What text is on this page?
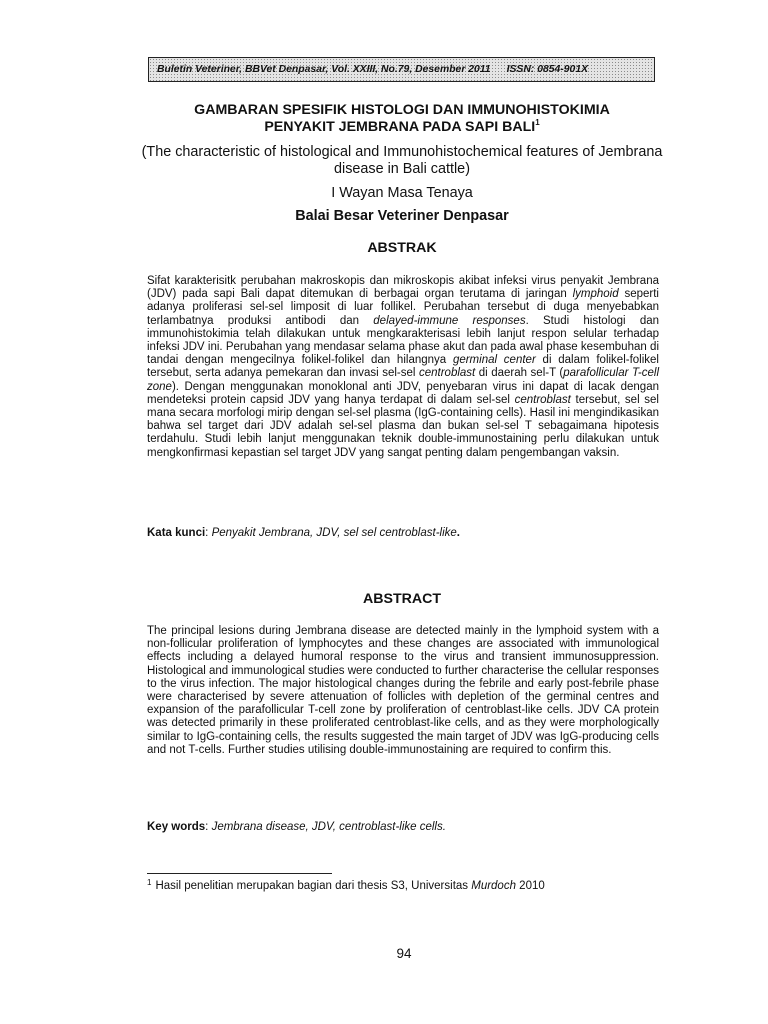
Buletin Veteriner, BBVet Denpasar, Vol. XXIII, No.79, Desember 2011 ISSN: 0854-901X
GAMBARAN SPESIFIK HISTOLOGI DAN IMMUNOHISTOKIMIA
PENYAKIT JEMBRANA PADA SAPI BALI$^1$
(The characteristic of histological and Immunohistochemical features of Jembrana disease in Bali cattle)
I Wayan Masa Tenaya
Balai Besar Veteriner Denpasar
ABSTRAK
Sifat karakterisitk perubahan makroskopis dan mikroskopis akibat infeksi virus penyakit Jembrana (JDV) pada sapi Bali dapat ditemukan di berbagai organ terutama di jaringan lymphoid seperti adanya proliferasi sel-sel limposit di luar follikel. Perubahan tersebut di duga menyebabkan terlambatnya produksi antibodi dan delayed-immune responses. Studi histologi dan immunohistokimia telah dilakukan untuk mengkarakterisasi lebih lanjut respon selular terhadap infeksi JDV ini. Perubahan yang mendasar selama phase akut dan pada awal phase kesembuhan di tandai dengan mengecilnya folikel-folikel dan hilangnya germinal center di dalam folikel-folikel tersebut, serta adanya pemekaran dan invasi sel-sel centroblast di daerah sel-T (parafollicular T-cell zone). Dengan menggunakan monoklonal anti JDV, penyebaran virus ini dapat di lacak dengan mendeteksi protein capsid JDV yang hanya terdapat di dalam sel-sel centroblast tersebut, sel sel mana secara morfologi mirip dengan sel-sel plasma (IgG-containing cells). Hasil ini mengindikasikan bahwa sel target dari JDV adalah sel-sel plasma dan bukan sel-sel T sebagaimana hipotesis terdahulu. Studi lebih lanjut menggunakan teknik double-immunostaining perlu dilakukan untuk mengkonfirmasi kepastian sel target JDV yang sangat penting dalam pengembangan vaksin.
Kata kunci: Penyakit Jembrana, JDV, sel sel centroblast-like.
ABSTRACT
The principal lesions during Jembrana disease are detected mainly in the lymphoid system with a non-follicular proliferation of lymphocytes and these changes are associated with immunological effects including a delayed humoral response to the virus and transient immunosuppression. Histological and immunological studies were conducted to further characterise the cellular responses to the virus infection. The major histological changes during the febrile and early post-febrile phase were characterised by severe attenuation of follicles with depletion of the germinal centres and expansion of the parafollicular T-cell zone by proliferation of centroblast-like cells. JDV CA protein was detected primarily in these proliferated centroblast-like cells, and as they were morphologically similar to IgG-containing cells, the results suggested the main target of JDV was IgG-producing cells and not T-cells. Further studies utilising double-immunostaining are required to confirm this.
Key words: Jembrana disease, JDV, centroblast-like cells.
$^1$ Hasil penelitian merupakan bagian dari thesis S3, Universitas Murdoch 2010
94
